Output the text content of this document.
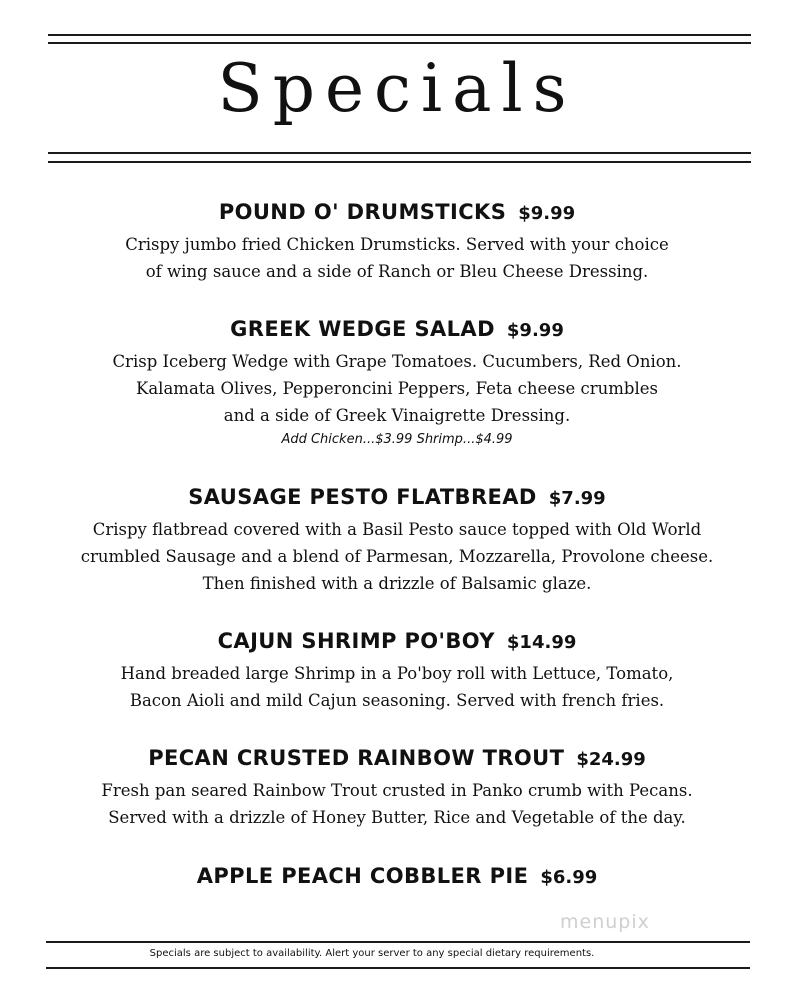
Specials
POUND O' DRUMSTICKS $9.99
Crispy jumbo fried Chicken Drumsticks. Served with your choice
of wing sauce and a side of Ranch or Bleu Cheese Dressing.
GREEK WEDGE SALAD $9.99
Crisp Iceberg Wedge with Grape Tomatoes. Cucumbers, Red Onion.
Kalamata Olives, Pepperoncini Peppers, Feta cheese crumbles
and a side of Greek Vinaigrette Dressing.
Add Chicken...$3.99 Shrimp...$4.99
SAUSAGE PESTO FLATBREAD $7.99
Crispy flatbread covered with a Basil Pesto sauce topped with Old World
crumbled Sausage and a blend of Parmesan, Mozzarella, Provolone cheese.
Then finished with a drizzle of Balsamic glaze.
CAJUN SHRIMP PO'BOY $14.99
Hand breaded large Shrimp in a Po'boy roll with Lettuce, Tomato,
Bacon Aioli and mild Cajun seasoning. Served with french fries.
PECAN CRUSTED RAINBOW TROUT $24.99
Fresh pan seared Rainbow Trout crusted in Panko crumb with Pecans.
Served with a drizzle of Honey Butter, Rice and Vegetable of the day.
APPLE PEACH COBBLER PIE $6.99
menupix
Specials are subject to availability. Alert your server to any special dietary requirements.
